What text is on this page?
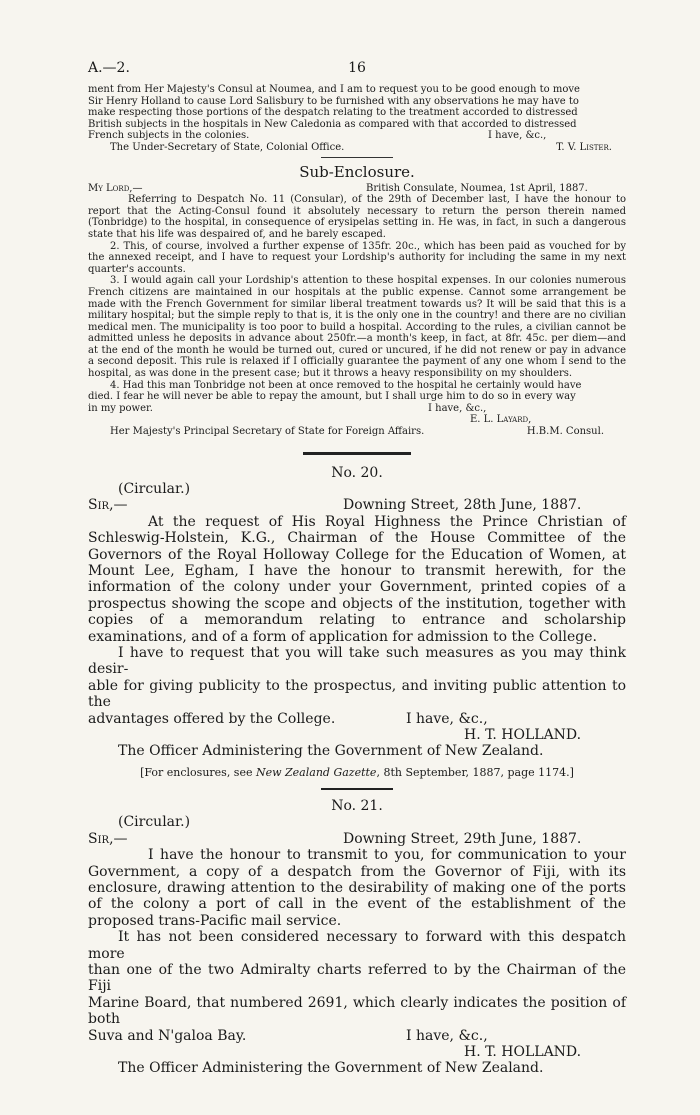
A.—2.	16

ment from Her Majesty's Consul at Noumea, and I am to request you to be good enough to move

Sir Henry Holland to cause Lord Salisbury to be furnished with any observations he may have to

make respecting those portions of the despatch relating to the treatment accorded to distressed

British subjects in the hospitals in New Caledonia as compared with that accorded to distressed

French subjects in the colonies.	I have, &c.,
The Under-Secretary of State, Colonial Office.	T. V. Lister.
Sub-Enclosure.
My Lord,—	British Consulate, Noumea, 1st April, 1887.

Referring to Despatch No. 11 (Consular), of the 29th of December last, I have the honour to report that the Acting-Consul found it absolutely necessary to return the person therein named (Tonbridge) to the hospital, in consequence of erysipelas setting in. He was, in fact, in such a dangerous state that his life was despaired of, and he barely escaped.

2. This, of course, involved a further expense of 135fr. 20c., which has been paid as vouched for by the annexed receipt, and I have to request your Lordship's authority for including the same in my next quarter's accounts.

3. I would again call your Lordship's attention to these hospital expenses. In our colonies numerous French citizens are maintained in our hospitals at the public expense. Cannot some arrangement be made with the French Government for similar liberal treatment towards us? It will be said that this is a military hospital; but the simple reply to that is, it is the only one in the country! and there are no civilian medical men. The municipality is too poor to build a hospital. According to the rules, a civilian cannot be admitted unless he deposits in advance about 250fr.—a month's keep, in fact, at 8fr. 45c. per diem—and at the end of the month he would be turned out, cured or uncured, if he did not renew or pay in advance a second deposit. This rule is relaxed if I officially guarantee the payment of any one whom I send to the hospital, as was done in the present case; but it throws a heavy responsibility on my shoulders.

4. Had this man Tonbridge not been at once removed to the hospital he certainly would have

died. I fear he will never be able to repay the amount, but I shall urge him to do so in every way

in my power.	I have, &c.,
E. L. Layard,
Her Majesty's Principal Secretary of State for Foreign Affairs.	H.B.M. Consul.
No. 20.
(Circular.)
Sir,—	Downing Street, 28th June, 1887.

At the request of His Royal Highness the Prince Christian of Schleswig-Holstein, K.G., Chairman of the House Committee of the Governors of the Royal Holloway College for the Education of Women, at Mount Lee, Egham, I have the honour to transmit herewith, for the information of the colony under your Government, printed copies of a prospectus showing the scope and objects of the institution, together with copies of a memorandum relating to entrance and scholarship examinations, and of a form of application for admission to the College.

I have to request that you will take such measures as you may think desir-

able for giving publicity to the prospectus, and inviting public attention to the

advantages offered by the College.	I have, &c.,
H. T. HOLLAND.
The Officer Administering the Government of New Zealand.
[For enclosures, see New Zealand Gazette, 8th September, 1887, page 1174.]
No. 21.
(Circular.)
Sir,—	Downing Street, 29th June, 1887.

I have the honour to transmit to you, for communication to your Government, a copy of a despatch from the Governor of Fiji, with its enclosure, drawing attention to the desirability of making one of the ports of the colony a port of call in the event of the establishment of the proposed trans-Pacific mail service.

It has not been considered necessary to forward with this despatch more

than one of the two Admiralty charts referred to by the Chairman of the Fiji

Marine Board, that numbered 2691, which clearly indicates the position of both

Suva and N'galoa Bay.	I have, &c.,
H. T. HOLLAND.
The Officer Administering the Government of New Zealand.
